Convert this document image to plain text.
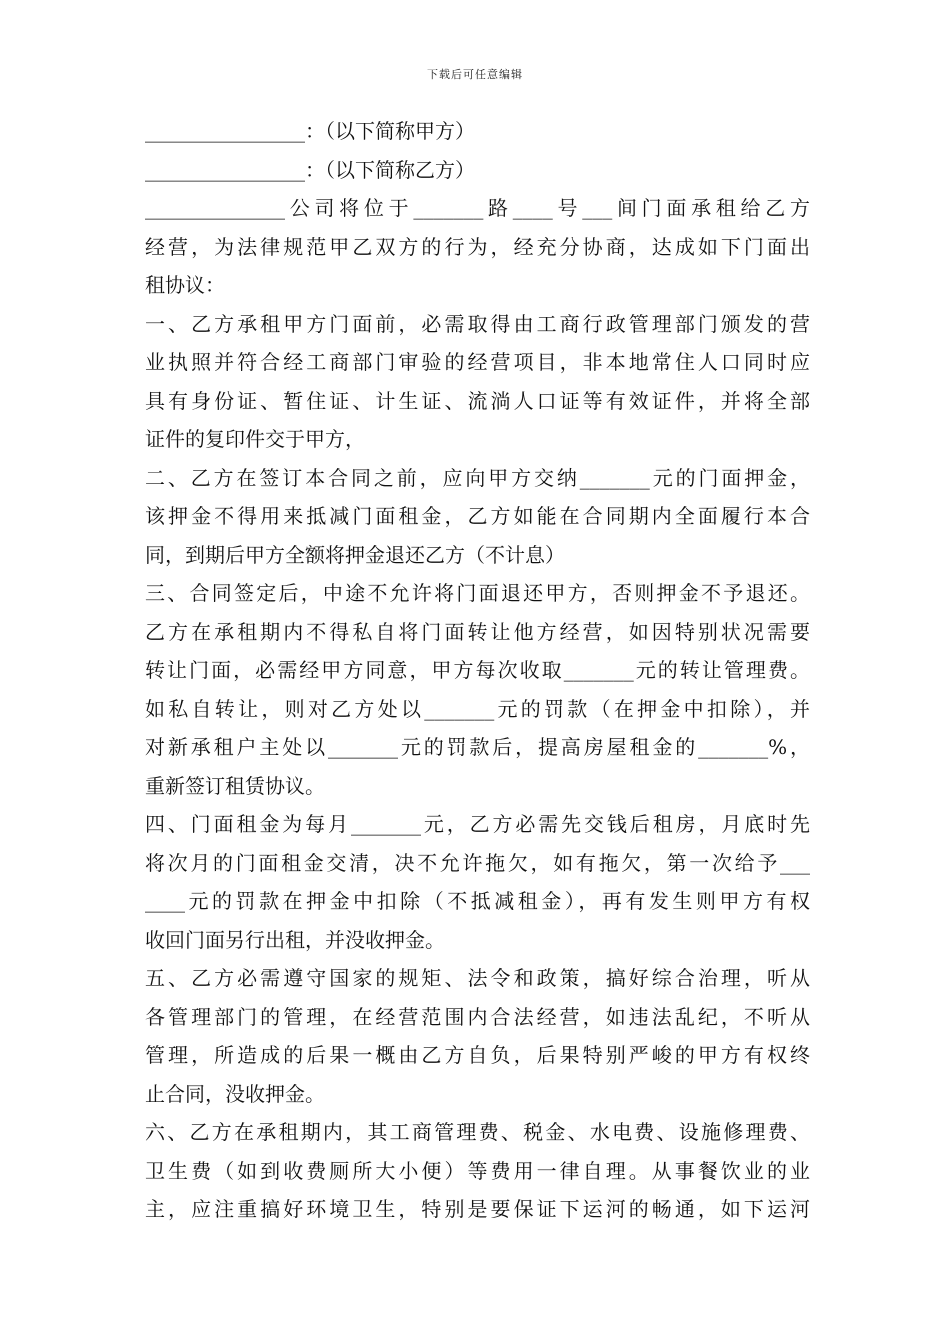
下载后可任意编辑
________________：（以下简称甲方）
________________：（以下简称乙方）
______________公司将位于_______路____号___间门面承租给乙方
经营，为法律规范甲乙双方的行为，经充分协商，达成如下门面出
租协议：
一、乙方承租甲方门面前，必需取得由工商行政管理部门颁发的营
业执照并符合经工商部门审验的经营项目，非本地常住人口同时应
具有身份证、暂住证、计生证、流淌人口证等有效证件，并将全部
证件的复印件交于甲方，
二、乙方在签订本合同之前，应向甲方交纳_______元的门面押金，
该押金不得用来抵减门面租金，乙方如能在合同期内全面履行本合
同，到期后甲方全额将押金退还乙方（不计息）
三、合同签定后，中途不允许将门面退还甲方，否则押金不予退还。
乙方在承租期内不得私自将门面转让他方经营，如因特别状况需要
转让门面，必需经甲方同意，甲方每次收取_______元的转让管理费。
如私自转让，则对乙方处以_______元的罚款（在押金中扣除），并
对新承租户主处以_______元的罚款后，提高房屋租金的_______%，
重新签订租赁协议。
四、门面租金为每月_______元，乙方必需先交钱后租房，月底时先
将次月的门面租金交清，决不允许拖欠，如有拖欠，第一次给予___
____元的罚款在押金中扣除（不抵减租金），再有发生则甲方有权
收回门面另行出租，并没收押金。
五、乙方必需遵守国家的规矩、法令和政策，搞好综合治理，听从
各管理部门的管理，在经营范围内合法经营，如违法乱纪，不听从
管理，所造成的后果一概由乙方自负，后果特别严峻的甲方有权终
止合同，没收押金。
六、乙方在承租期内，其工商管理费、税金、水电费、设施修理费、
卫生费（如到收费厕所大小便）等费用一律自理。从事餐饮业的业
主，应注重搞好环境卫生，特别是要保证下运河的畅通，如下运河
